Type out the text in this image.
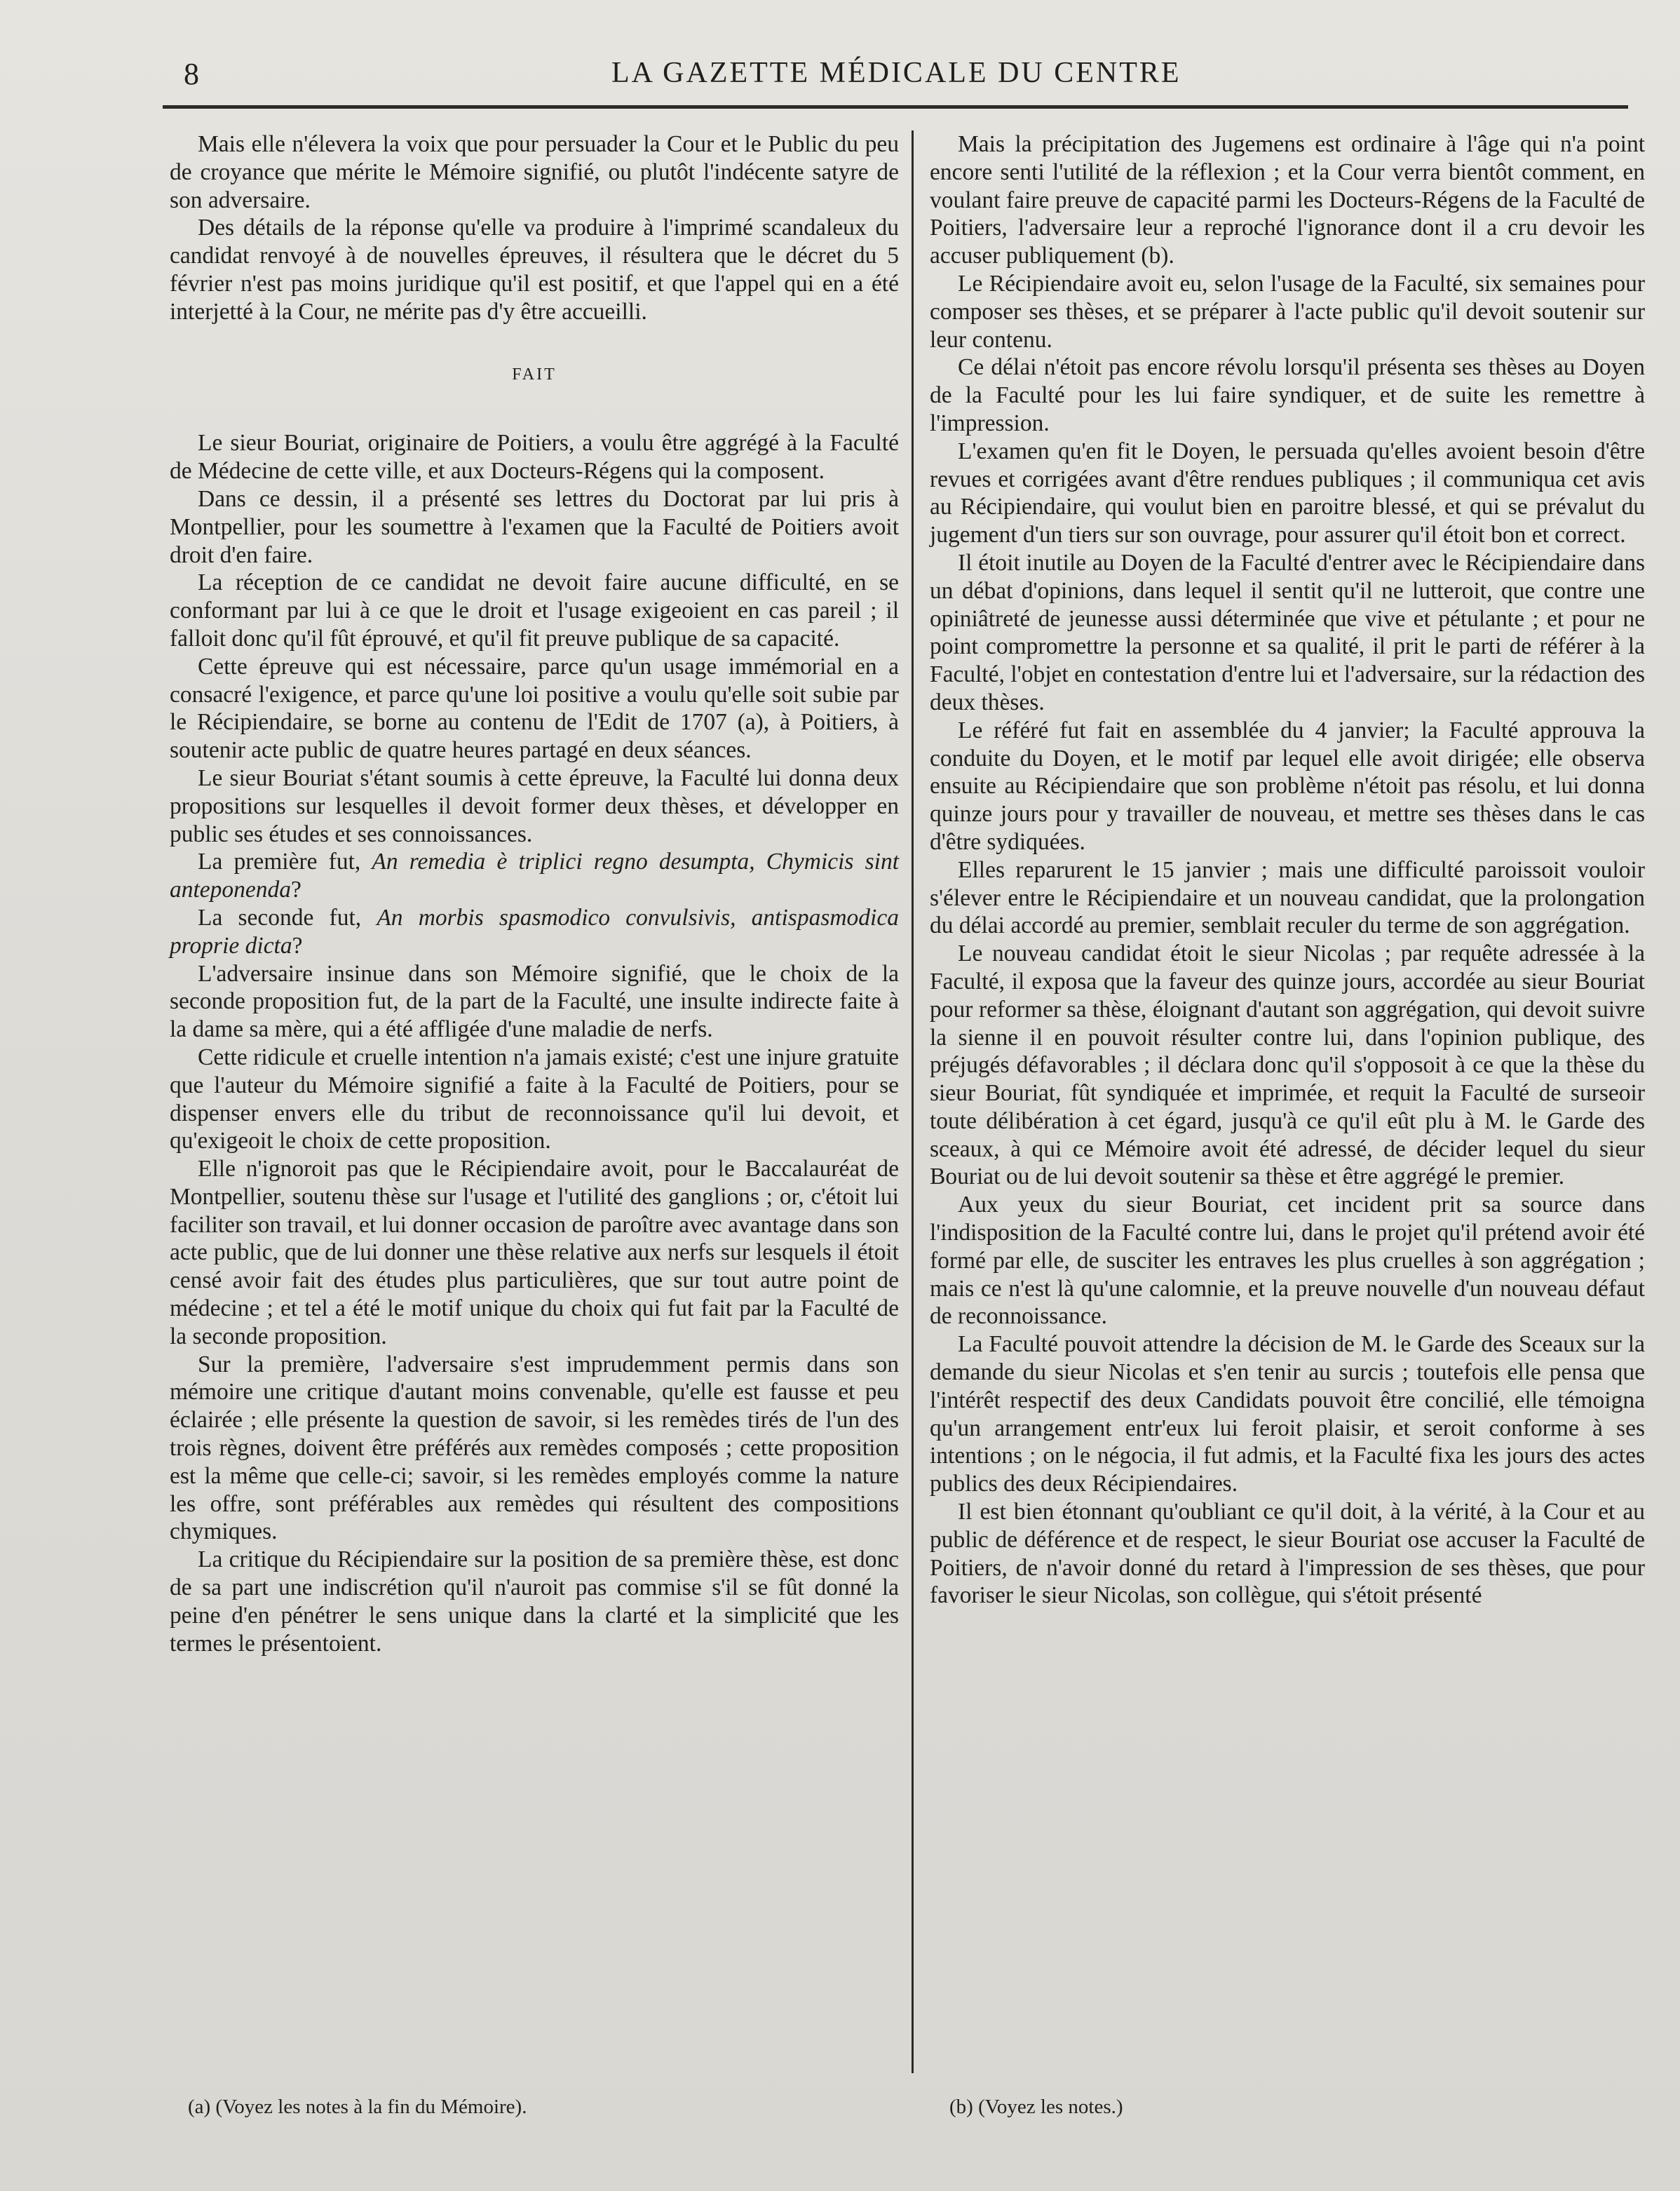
8	LA GAZETTE MÉDICALE DU CENTRE

Mais elle n'élevera la voix que pour persuader la Cour et le Public du peu de croyance que mérite le Mémoire signifié, ou plutôt l'indécente satyre de son adversaire.

Des détails de la réponse qu'elle va produire à l'imprimé scandaleux du candidat renvoyé à de nouvelles épreuves, il résultera que le décret du 5 février n'est pas moins juridique qu'il est positif, et que l'appel qui en a été interjetté à la Cour, ne mérite pas d'y être accueilli.

FAIT

Le sieur Bouriat, originaire de Poitiers, a voulu être aggrégé à la Faculté de Médecine de cette ville, et aux Docteurs-Régens qui la composent.

Dans ce dessin, il a présenté ses lettres du Doctorat par lui pris à Montpellier, pour les soumettre à l'examen que la Faculté de Poitiers avoit droit d'en faire.

La réception de ce candidat ne devoit faire aucune difficulté, en se conformant par lui à ce que le droit et l'usage exigeoient en cas pareil ; il falloit donc qu'il fût éprouvé, et qu'il fit preuve publique de sa capacité.

Cette épreuve qui est nécessaire, parce qu'un usage immémorial en a consacré l'exigence, et parce qu'une loi positive a voulu qu'elle soit subie par le Récipiendaire, se borne au contenu de l'Edit de 1707 (a), à Poitiers, à soutenir acte public de quatre heures partagé en deux séances.

Le sieur Bouriat s'étant soumis à cette épreuve, la Faculté lui donna deux propositions sur lesquelles il devoit former deux thèses, et développer en public ses études et ses connoissances.

La première fut, An remedia è triplici regno desumpta, Chymicis sint anteponenda?

La seconde fut, An morbis spasmodico convulsivis, antispasmodica proprie dicta?

L'adversaire insinue dans son Mémoire signifié, que le choix de la seconde proposition fut, de la part de la Faculté, une insulte indirecte faite à la dame sa mère, qui a été affligée d'une maladie de nerfs.

Cette ridicule et cruelle intention n'a jamais existé; c'est une injure gratuite que l'auteur du Mémoire signifié a faite à la Faculté de Poitiers, pour se dispenser envers elle du tribut de reconnoissance qu'il lui devoit, et qu'exigeoit le choix de cette proposition.

Elle n'ignoroit pas que le Récipiendaire avoit, pour le Baccalauréat de Montpellier, soutenu thèse sur l'usage et l'utilité des ganglions ; or, c'étoit lui faciliter son travail, et lui donner occasion de paroître avec avantage dans son acte public, que de lui donner une thèse relative aux nerfs sur lesquels il étoit censé avoir fait des études plus particulières, que sur tout autre point de médecine ; et tel a été le motif unique du choix qui fut fait par la Faculté de la seconde proposition.

Sur la première, l'adversaire s'est imprudemment permis dans son mémoire une critique d'autant moins convenable, qu'elle est fausse et peu éclairée ; elle présente la question de savoir, si les remèdes tirés de l'un des trois règnes, doivent être préférés aux remèdes composés ; cette proposition est la même que celle-ci; savoir, si les remèdes employés comme la nature les offre, sont préférables aux remèdes qui résultent des compositions chymiques.

La critique du Récipiendaire sur la position de sa première thèse, est donc de sa part une indiscrétion qu'il n'auroit pas commise s'il se fût donné la peine d'en pénétrer le sens unique dans la clarté et la simplicité que les termes le présentoient.

Mais la précipitation des Jugemens est ordinaire à l'âge qui n'a point encore senti l'utilité de la réflexion ; et la Cour verra bientôt comment, en voulant faire preuve de capacité parmi les Docteurs-Régens de la Faculté de Poitiers, l'adversaire leur a reproché l'ignorance dont il a cru devoir les accuser publiquement (b).

Le Récipiendaire avoit eu, selon l'usage de la Faculté, six semaines pour composer ses thèses, et se préparer à l'acte public qu'il devoit soutenir sur leur contenu.

Ce délai n'étoit pas encore révolu lorsqu'il présenta ses thèses au Doyen de la Faculté pour les lui faire syndiquer, et de suite les remettre à l'impression.

L'examen qu'en fit le Doyen, le persuada qu'elles avoient besoin d'être revues et corrigées avant d'être rendues publiques ; il communiqua cet avis au Récipiendaire, qui voulut bien en paroitre blessé, et qui se prévalut du jugement d'un tiers sur son ouvrage, pour assurer qu'il étoit bon et correct.

Il étoit inutile au Doyen de la Faculté d'entrer avec le Récipiendaire dans un débat d'opinions, dans lequel il sentit qu'il ne lutteroit, que contre une opiniâtreté de jeunesse aussi déterminée que vive et pétulante ; et pour ne point compromettre la personne et sa qualité, il prit le parti de référer à la Faculté, l'objet en contestation d'entre lui et l'adversaire, sur la rédaction des deux thèses.

Le référé fut fait en assemblée du 4 janvier; la Faculté approuva la conduite du Doyen, et le motif par lequel elle avoit dirigée; elle observa ensuite au Récipiendaire que son problème n'étoit pas résolu, et lui donna quinze jours pour y travailler de nouveau, et mettre ses thèses dans le cas d'être sydiquées.

Elles reparurent le 15 janvier ; mais une difficulté paroissoit vouloir s'élever entre le Récipiendaire et un nouveau candidat, que la prolongation du délai accordé au premier, semblait reculer du terme de son aggrégation.

Le nouveau candidat étoit le sieur Nicolas ; par requête adressée à la Faculté, il exposa que la faveur des quinze jours, accordée au sieur Bouriat pour reformer sa thèse, éloignant d'autant son aggrégation, qui devoit suivre la sienne il en pouvoit résulter contre lui, dans l'opinion publique, des préjugés défavorables ; il déclara donc qu'il s'opposoit à ce que la thèse du sieur Bouriat, fût syndiquée et imprimée, et requit la Faculté de surseoir toute délibération à cet égard, jusqu'à ce qu'il eût plu à M. le Garde des sceaux, à qui ce Mémoire avoit été adressé, de décider lequel du sieur Bouriat ou de lui devoit soutenir sa thèse et être aggrégé le premier.

Aux yeux du sieur Bouriat, cet incident prit sa source dans l'indisposition de la Faculté contre lui, dans le projet qu'il prétend avoir été formé par elle, de susciter les entraves les plus cruelles à son aggrégation ; mais ce n'est là qu'une calomnie, et la preuve nouvelle d'un nouveau défaut de reconnoissance.

La Faculté pouvoit attendre la décision de M. le Garde des Sceaux sur la demande du sieur Nicolas et s'en tenir au surcis ; toutefois elle pensa que l'intérêt respectif des deux Candidats pouvoit être concilié, elle témoigna qu'un arrangement entr'eux lui feroit plaisir, et seroit conforme à ses intentions ; on le négocia, il fut admis, et la Faculté fixa les jours des actes publics des deux Récipiendaires.

Il est bien étonnant qu'oubliant ce qu'il doit, à la vérité, à la Cour et au public de déférence et de respect, le sieur Bouriat ose accuser la Faculté de Poitiers, de n'avoir donné du retard à l'impression de ses thèses, que pour favoriser le sieur Nicolas, son collègue, qui s'étoit présenté

(a) (Voyez les notes à la fin du Mémoire).	(b) (Voyez les notes.)
